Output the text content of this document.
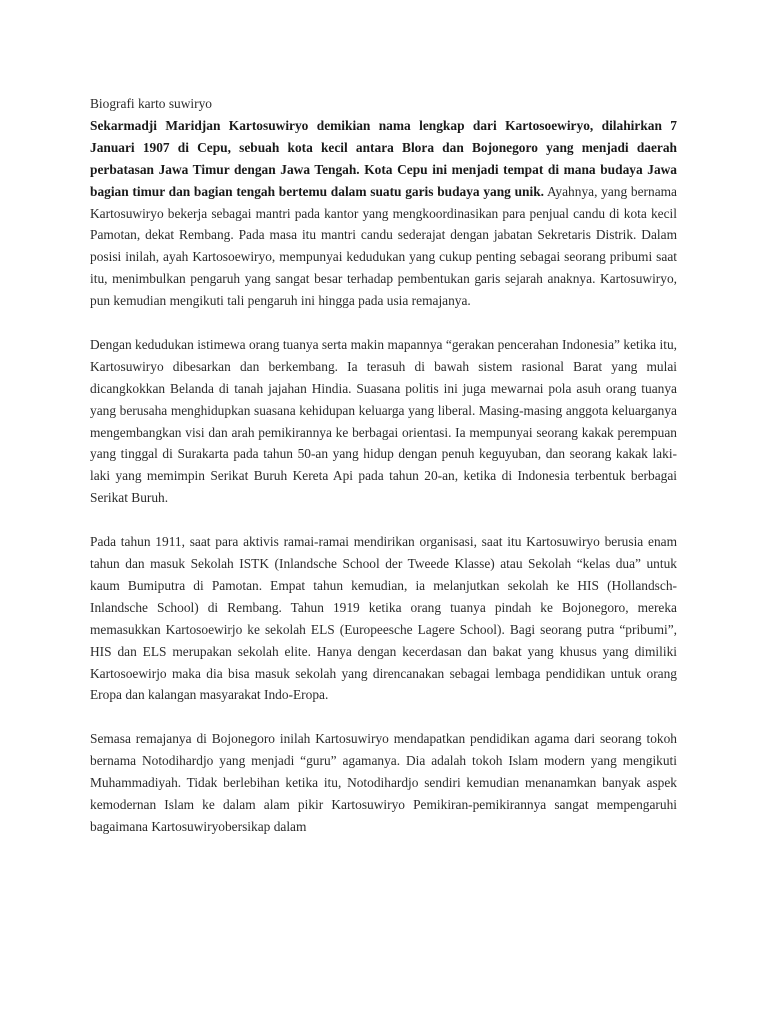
Biografi karto suwiryo

Sekarmadji Maridjan Kartosuwiryo demikian nama lengkap dari Kartosoewiryo, dilahirkan 7 Januari 1907 di Cepu, sebuah kota kecil antara Blora dan Bojonegoro yang menjadi daerah perbatasan Jawa Timur dengan Jawa Tengah. Kota Cepu ini menjadi tempat di mana budaya Jawa bagian timur dan bagian tengah bertemu dalam suatu garis budaya yang unik. Ayahnya, yang bernama Kartosuwiryo bekerja sebagai mantri pada kantor yang mengkoordinasikan para penjual candu di kota kecil Pamotan, dekat Rembang. Pada masa itu mantri candu sederajat dengan jabatan Sekretaris Distrik. Dalam posisi inilah, ayah Kartosoewiryo, mempunyai kedudukan yang cukup penting sebagai seorang pribumi saat itu, menimbulkan pengaruh yang sangat besar terhadap pembentukan garis sejarah anaknya. Kartosuwiryo, pun kemudian mengikuti tali pengaruh ini hingga pada usia remajanya.

Dengan kedudukan istimewa orang tuanya serta makin mapannya “gerakan pencerahan Indonesia” ketika itu, Kartosuwiryo dibesarkan dan berkembang. Ia terasuh di bawah sistem rasional Barat yang mulai dicangkokkan Belanda di tanah jajahan Hindia. Suasana politis ini juga mewarnai pola asuh orang tuanya yang berusaha menghidupkan suasana kehidupan keluarga yang liberal. Masing-masing anggota keluarganya mengembangkan visi dan arah pemikirannya ke berbagai orientasi. Ia mempunyai seorang kakak perempuan yang tinggal di Surakarta pada tahun 50-an yang hidup dengan penuh keguyuban, dan seorang kakak laki-laki yang memimpin Serikat Buruh Kereta Api pada tahun 20-an, ketika di Indonesia terbentuk berbagai Serikat Buruh.

Pada tahun 1911, saat para aktivis ramai-ramai mendirikan organisasi, saat itu Kartosuwiryo berusia enam tahun dan masuk Sekolah ISTK (Inlandsche School der Tweede Klasse) atau Sekolah “kelas dua” untuk kaum Bumiputra di Pamotan. Empat tahun kemudian, ia melanjutkan sekolah ke HIS (Hollandsch-Inlandsche School) di Rembang. Tahun 1919 ketika orang tuanya pindah ke Bojonegoro, mereka memasukkan Kartosoewirjo ke sekolah ELS (Europeesche Lagere School). Bagi seorang putra “pribumi”, HIS dan ELS merupakan sekolah elite. Hanya dengan kecerdasan dan bakat yang khusus yang dimiliki Kartosoewirjo maka dia bisa masuk sekolah yang direncanakan sebagai lembaga pendidikan untuk orang Eropa dan kalangan masyarakat Indo-Eropa.

Semasa remajanya di Bojonegoro inilah Kartosuwiryo mendapatkan pendidikan agama dari seorang tokoh bernama Notodihardjo yang menjadi “guru” agamanya. Dia adalah tokoh Islam modern yang mengikuti Muhammadiyah. Tidak berlebihan ketika itu, Notodihardjo sendiri kemudian menanamkan banyak aspek kemodernan Islam ke dalam alam pikir Kartosuwiryo Pemikiran-pemikirannya sangat mempengaruhi bagaimana Kartosuwiryobersikap dalam
